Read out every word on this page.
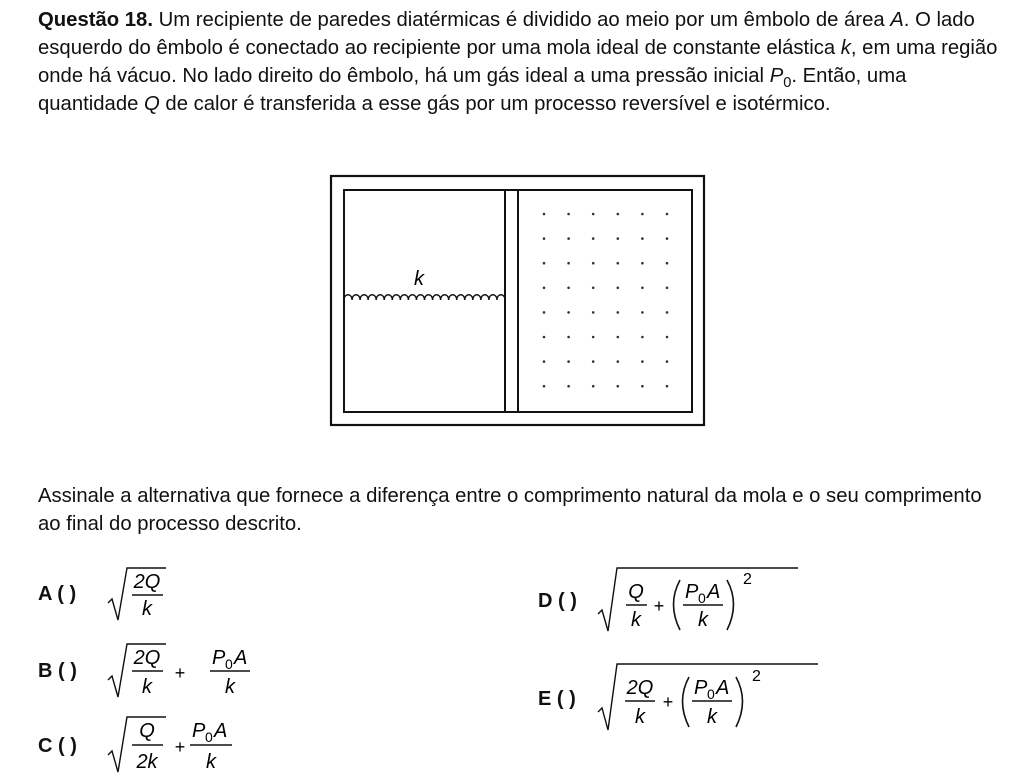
Questão 18. Um recipiente de paredes diatérmicas é dividido ao meio por um êmbolo de área A. O lado esquerdo do êmbolo é conectado ao recipiente por uma mola ideal de constante elástica k, em uma região onde há vácuo. No lado direito do êmbolo, há um gás ideal a uma pressão inicial $P_0$. Então, uma quantidade Q de calor é transferida a esse gás por um processo reversível e isotérmico.

k

Assinale a alternativa que fornece a diferença entre o comprimento natural da mola e o seu comprimento ao final do processo descrito.

A ( )
2Q
k
B ( )
2Q
k
+
P 0 A
k
C ( )
Q
2k
+
P 0 A
k
D ( )	Q
k
+
P 0 A
k
2
E ( )	2Q
k
+
P 0 A
k
2
